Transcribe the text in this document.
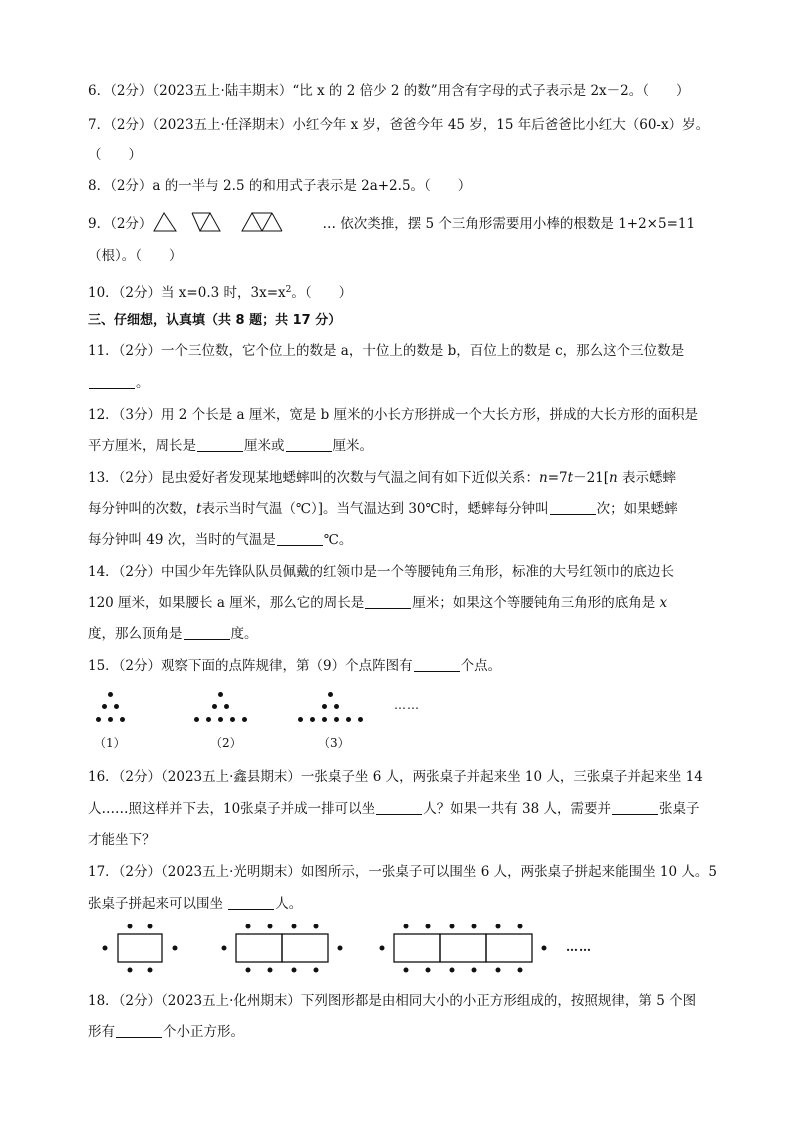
6．（2分）（2023五上·陆丰期末）“比 x 的 2 倍少 2 的数”用含有字母的式子表示是 2x－2。（　　）
7．（2分）（2023五上·任泽期末）小红今年 x 岁，爸爸今年 45 岁，15 年后爸爸比小红大（60-x）岁。
（　　）
8．（2分）a 的一半与 2.5 的和用式子表示是 2a+2.5。（　　）
9．（2分）	… 依次类推，摆 5 个三角形需要用小棒的根数是 1+2×5=11
（根）。（　　）
10．（2分）当 x=0.3 时，$3x=x^2$。（　　）
三、仔细想，认真填（共 8 题；共 17 分）
11．（2分）一个三位数，它个位上的数是 a，十位上的数是 b，百位上的数是 c，那么这个三位数是
。
12．（3分）用 2 个长是 a 厘米，宽是 b 厘米的小长方形拼成一个大长方形，拼成的大长方形的面积是
平方厘米，周长是	厘米或	厘米。
13．（2分）昆虫爱好者发现某地蟋蟀叫的次数与气温之间有如下近似关系：n=7t－21[n 表示蟋蟀
每分钟叫的次数，t表示当时气温（℃）]。当气温达到 30℃时，蟋蟀每分钟叫	次；如果蟋蟀
每分钟叫 49 次，当时的气温是	℃。
14．（2分）中国少年先锋队队员佩戴的红领巾是一个等腰钝角三角形，标准的大号红领巾的底边长
120 厘米，如果腰长 a 厘米，那么它的周长是	厘米；如果这个等腰钝角三角形的底角是 x
度，那么顶角是	度。
15．（2分）观察下面的点阵规律，第（9）个点阵图有	个点。
……
（1）	（2）	（3）
16．（2分）（2023五上·鑫县期末）一张桌子坐 6 人，两张桌子并起来坐 10 人，三张桌子并起来坐 14
人……照这样并下去，10张桌子并成一排可以坐	人？如果一共有 38 人，需要并	张桌子
才能坐下？
17．（2分）（2023五上·光明期末）如图所示，一张桌子可以围坐 6 人，两张桌子拼起来能围坐 10 人。5
张桌子拼起来可以围坐	人。
……
18．（2分）（2023五上·化州期末）下列图形都是由相同大小的小正方形组成的，按照规律，第 5 个图
形有	个小正方形。
